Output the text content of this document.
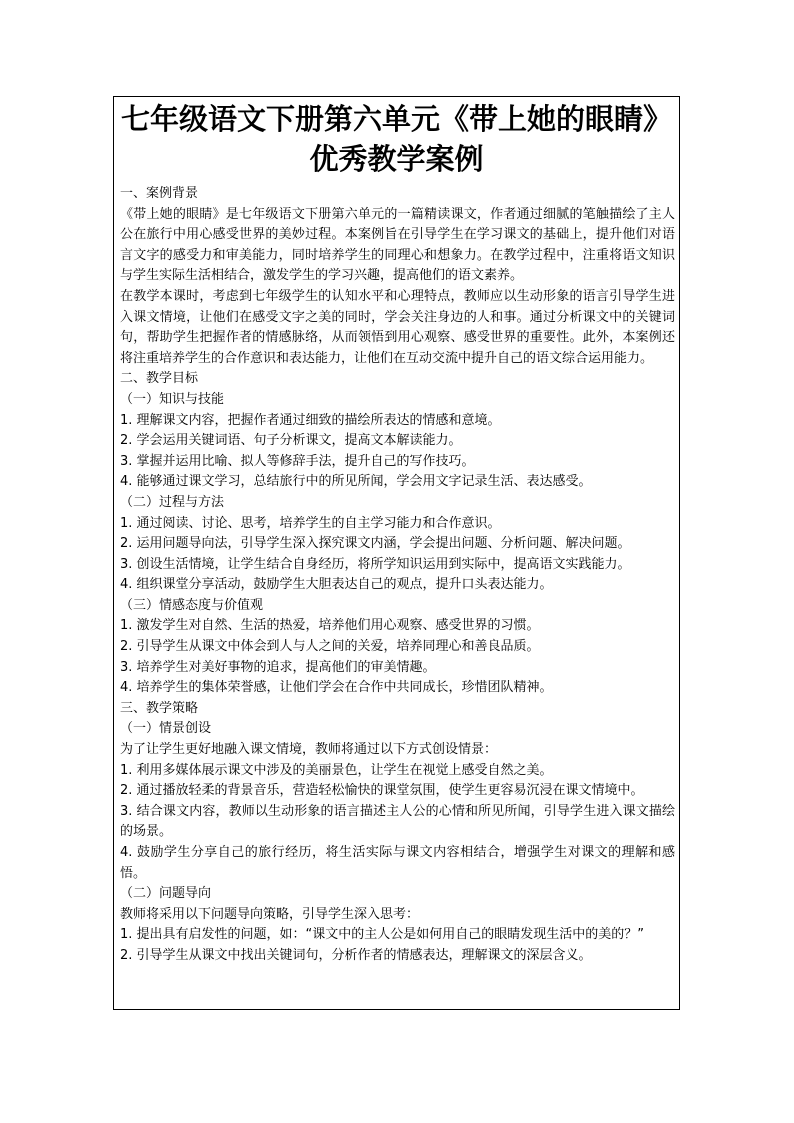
七年级语文下册第六单元《带上她的眼睛》
优秀教学案例

一、案例背景

《带上她的眼睛》是七年级语文下册第六单元的一篇精读课文，作者通过细腻的笔触描绘了主人公在旅行中用心感受世界的美妙过程。本案例旨在引导学生在学习课文的基础上，提升他们对语言文字的感受力和审美能力，同时培养学生的同理心和想象力。在教学过程中，注重将语文知识与学生实际生活相结合，激发学生的学习兴趣，提高他们的语文素养。

在教学本课时，考虑到七年级学生的认知水平和心理特点，教师应以生动形象的语言引导学生进入课文情境，让他们在感受文字之美的同时，学会关注身边的人和事。通过分析课文中的关键词句，帮助学生把握作者的情感脉络，从而领悟到用心观察、感受世界的重要性。此外，本案例还将注重培养学生的合作意识和表达能力，让他们在互动交流中提升自己的语文综合运用能力。

二、教学目标

（一）知识与技能

1. 理解课文内容，把握作者通过细致的描绘所表达的情感和意境。

2. 学会运用关键词语、句子分析课文，提高文本解读能力。

3. 掌握并运用比喻、拟人等修辞手法，提升自己的写作技巧。

4. 能够通过课文学习，总结旅行中的所见所闻，学会用文字记录生活、表达感受。

（二）过程与方法

1. 通过阅读、讨论、思考，培养学生的自主学习能力和合作意识。

2. 运用问题导向法，引导学生深入探究课文内涵，学会提出问题、分析问题、解决问题。

3. 创设生活情境，让学生结合自身经历，将所学知识运用到实际中，提高语文实践能力。

4. 组织课堂分享活动，鼓励学生大胆表达自己的观点，提升口头表达能力。

（三）情感态度与价值观

1. 激发学生对自然、生活的热爱，培养他们用心观察、感受世界的习惯。

2. 引导学生从课文中体会到人与人之间的关爱，培养同理心和善良品质。

3. 培养学生对美好事物的追求，提高他们的审美情趣。

4. 培养学生的集体荣誉感，让他们学会在合作中共同成长，珍惜团队精神。

三、教学策略

（一）情景创设

为了让学生更好地融入课文情境，教师将通过以下方式创设情景：

1. 利用多媒体展示课文中涉及的美丽景色，让学生在视觉上感受自然之美。

2. 通过播放轻柔的背景音乐，营造轻松愉快的课堂氛围，使学生更容易沉浸在课文情境中。

3. 结合课文内容，教师以生动形象的语言描述主人公的心情和所见所闻，引导学生进入课文描绘的场景。

4. 鼓励学生分享自己的旅行经历，将生活实际与课文内容相结合，增强学生对课文的理解和感悟。

（二）问题导向

教师将采用以下问题导向策略，引导学生深入思考：

1. 提出具有启发性的问题，如：“课文中的主人公是如何用自己的眼睛发现生活中的美的？”

2. 引导学生从课文中找出关键词句，分析作者的情感表达，理解课文的深层含义。
